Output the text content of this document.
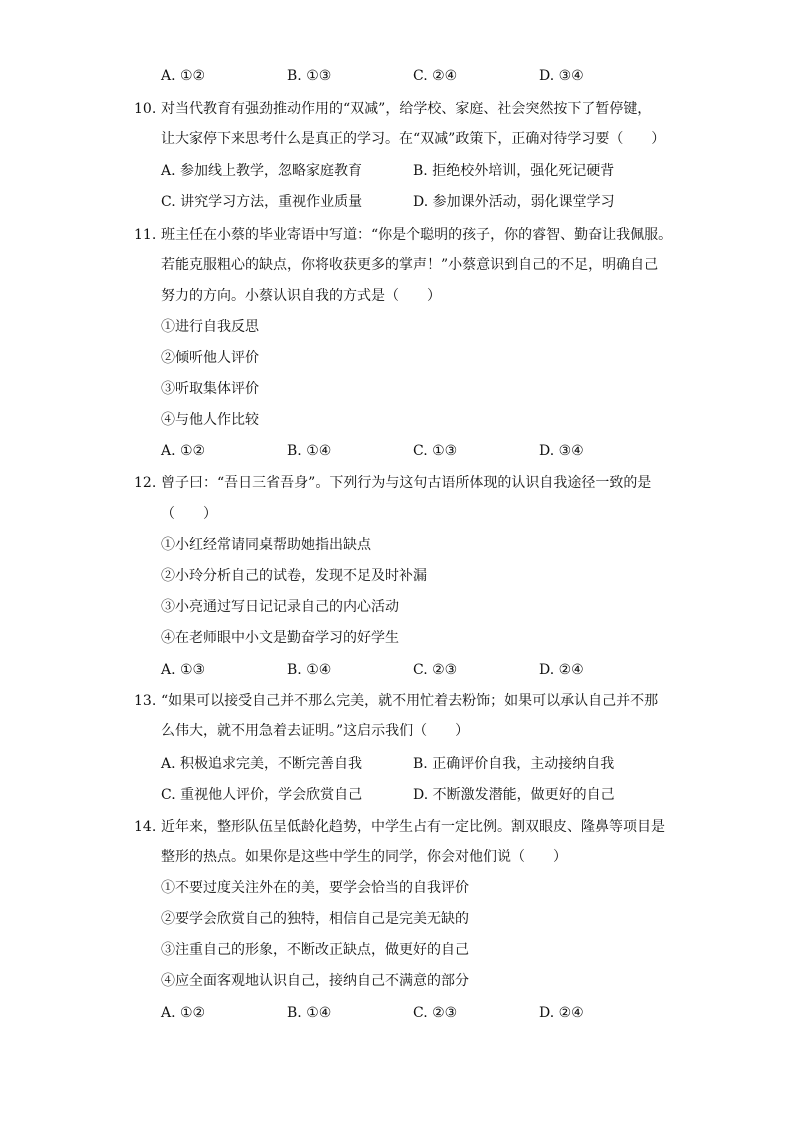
A. ①②	B. ①③	C. ②④	D. ③④
10. 对当代教育有强劲推动作用的“双减”，给学校、家庭、社会突然按下了暂停键，
让大家停下来思考什么是真正的学习。在“双减”政策下，正确对待学习要（　　）
A. 参加线上教学，忽略家庭教育	B. 拒绝校外培训，强化死记硬背
C. 讲究学习方法，重视作业质量	D. 参加课外活动，弱化课堂学习
11. 班主任在小蔡的毕业寄语中写道：“你是个聪明的孩子，你的睿智、勤奋让我佩服。
若能克服粗心的缺点，你将收获更多的掌声！”小蔡意识到自己的不足，明确自己
努力的方向。小蔡认识自我的方式是（　　）
①进行自我反思
②倾听他人评价
③听取集体评价
④与他人作比较
A. ①②	B. ①④	C. ①③	D. ③④
12. 曾子曰：“吾日三省吾身”。下列行为与这句古语所体现的认识自我途径一致的是
（　　）
①小红经常请同桌帮助她指出缺点
②小玲分析自己的试卷，发现不足及时补漏
③小亮通过写日记记录自己的内心活动
④在老师眼中小文是勤奋学习的好学生
A. ①③	B. ①④	C. ②③	D. ②④
13. “如果可以接受自己并不那么完美，就不用忙着去粉饰；如果可以承认自己并不那
么伟大，就不用急着去证明。”这启示我们（　　）
A. 积极追求完美，不断完善自我	B. 正确评价自我，主动接纳自我
C. 重视他人评价，学会欣赏自己	D. 不断激发潜能，做更好的自己
14. 近年来，整形队伍呈低龄化趋势，中学生占有一定比例。割双眼皮、隆鼻等项目是
整形的热点。如果你是这些中学生的同学，你会对他们说（　　）
①不要过度关注外在的美，要学会恰当的自我评价
②要学会欣赏自己的独特，相信自己是完美无缺的
③注重自己的形象，不断改正缺点，做更好的自己
④应全面客观地认识自己，接纳自己不满意的部分
A. ①②	B. ①④	C. ②③	D. ②④
